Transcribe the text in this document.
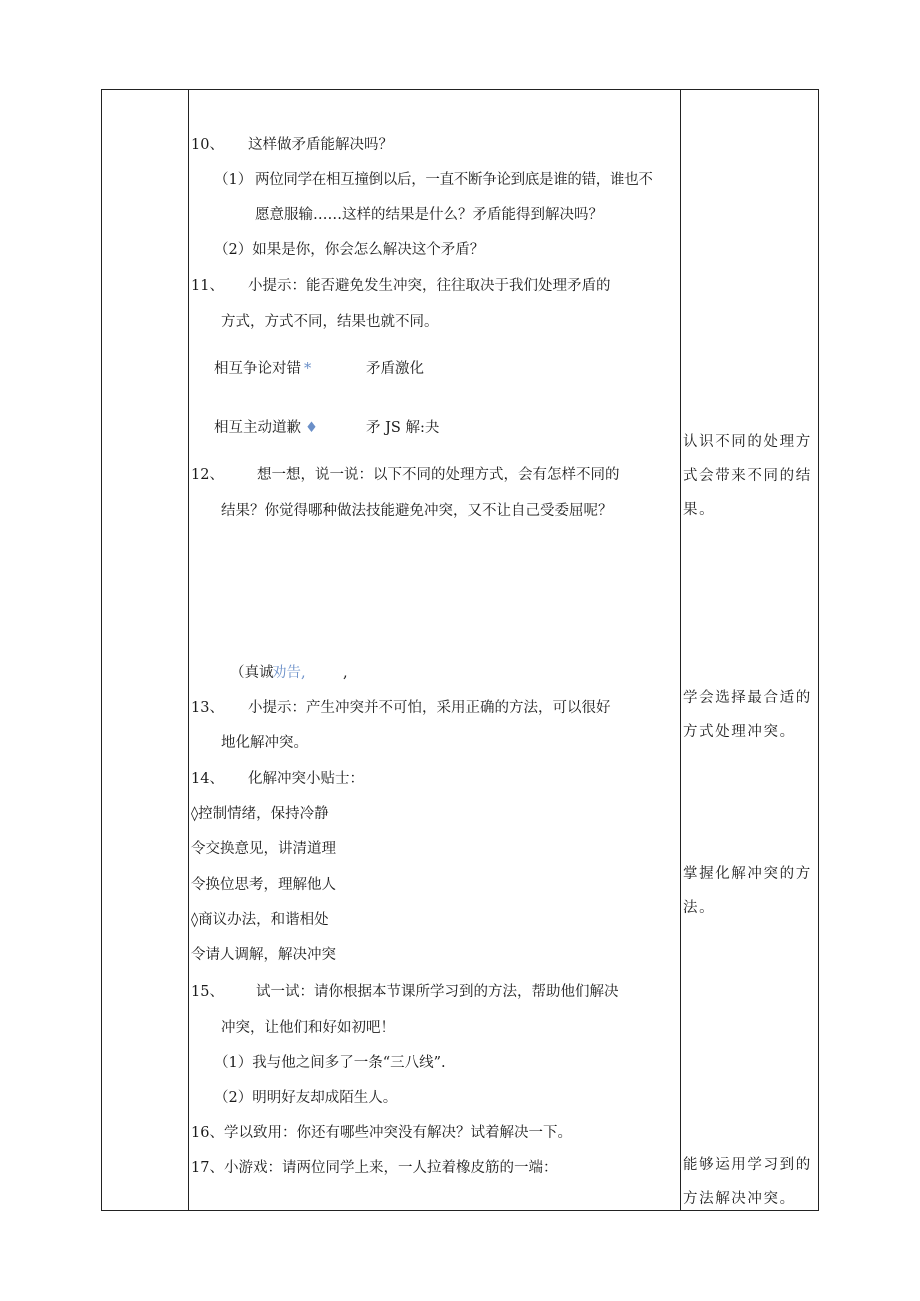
10、 这样做矛盾能解决吗？
（1） 两位同学在相互撞倒以后，一直不断争论到底是谁的错，谁也不
愿意服输……这样的结果是什么？矛盾能得到解决吗？
（2）如果是你，你会怎么解决这个矛盾？
11、 小提示：能否避免发生冲突，往往取决于我们处理矛盾的
方式，方式不同，结果也就不同。
相互争论对错 *	矛盾激化
相互主动道歉 ♦	矛 JS 解:夬
12、 想一想，说一说：以下不同的处理方式，会有怎样不同的
结果？你觉得哪种做法技能避免冲突，又不让自己受委屈呢？
（真诚
劝告,	,
13、 小提示：产生冲突并不可怕，采用正确的方法，可以很好
地化解冲突。
14、 化解冲突小贴士：
◊控制情绪，保持冷静
令交换意见，讲清道理
令换位思考，理解他人
◊商议办法，和谐相处
令请人调解，解决冲突
15、 试一试：请你根据本节课所学习到的方法，帮助他们解决
冲突，让他们和好如初吧！
（1）我与他之间多了一条“三八线”.
（2）明明好友却成陌生人。
16、学以致用：你还有哪些冲突没有解决？试着解决一下。
17、小游戏：请两位同学上来，一人拉着橡皮筋的一端：
认识不同的处理方式会带来不同的结果。
学会选择最合适的方式处理冲突。
掌握化解冲突的方法。
能够运用学习到的方法解决冲突。
